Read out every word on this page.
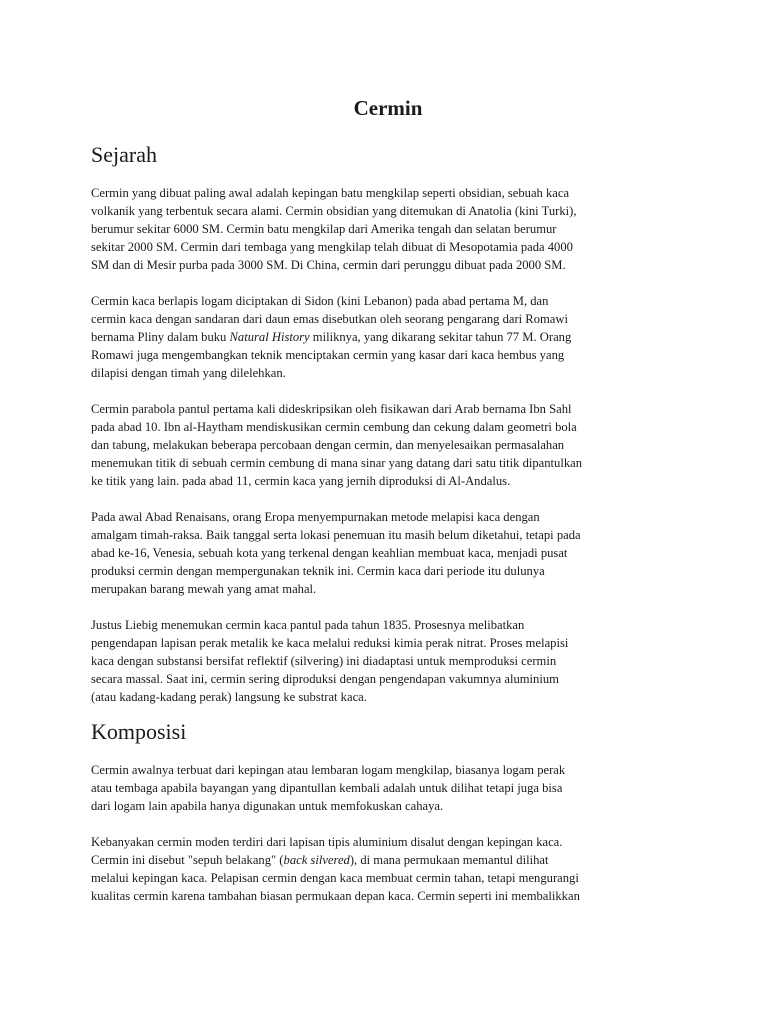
Cermin
Sejarah

Cermin yang dibuat paling awal adalah kepingan batu mengkilap seperti obsidian, sebuah kaca
volkanik yang terbentuk secara alami. Cermin obsidian yang ditemukan di Anatolia (kini Turki),
berumur sekitar 6000 SM. Cermin batu mengkilap dari Amerika tengah dan selatan berumur
sekitar 2000 SM. Cermin dari tembaga yang mengkilap telah dibuat di Mesopotamia pada 4000
SM dan di Mesir purba pada 3000 SM. Di China, cermin dari perunggu dibuat pada 2000 SM.

Cermin kaca berlapis logam diciptakan di Sidon (kini Lebanon) pada abad pertama M, dan
cermin kaca dengan sandaran dari daun emas disebutkan oleh seorang pengarang dari Romawi
bernama Pliny dalam buku Natural History miliknya, yang dikarang sekitar tahun 77 M. Orang
Romawi juga mengembangkan teknik menciptakan cermin yang kasar dari kaca hembus yang
dilapisi dengan timah yang dilelehkan.

Cermin parabola pantul pertama kali dideskripsikan oleh fisikawan dari Arab bernama Ibn Sahl
pada abad 10. Ibn al-Haytham mendiskusikan cermin cembung dan cekung dalam geometri bola
dan tabung, melakukan beberapa percobaan dengan cermin, dan menyelesaikan permasalahan
menemukan titik di sebuah cermin cembung di mana sinar yang datang dari satu titik dipantulkan
ke titik yang lain. pada abad 11, cermin kaca yang jernih diproduksi di Al-Andalus.

Pada awal Abad Renaisans, orang Eropa menyempurnakan metode melapisi kaca dengan
amalgam timah-raksa. Baik tanggal serta lokasi penemuan itu masih belum diketahui, tetapi pada
abad ke-16, Venesia, sebuah kota yang terkenal dengan keahlian membuat kaca, menjadi pusat
produksi cermin dengan mempergunakan teknik ini. Cermin kaca dari periode itu dulunya
merupakan barang mewah yang amat mahal.

Justus Liebig menemukan cermin kaca pantul pada tahun 1835. Prosesnya melibatkan
pengendapan lapisan perak metalik ke kaca melalui reduksi kimia perak nitrat. Proses melapisi
kaca dengan substansi bersifat reflektif (silvering) ini diadaptasi untuk memproduksi cermin
secara massal. Saat ini, cermin sering diproduksi dengan pengendapan vakumnya aluminium
(atau kadang-kadang perak) langsung ke substrat kaca.

Komposisi

Cermin awalnya terbuat dari kepingan atau lembaran logam mengkilap, biasanya logam perak
atau tembaga apabila bayangan yang dipantullan kembali adalah untuk dilihat tetapi juga bisa
dari logam lain apabila hanya digunakan untuk memfokuskan cahaya.

Kebanyakan cermin moden terdiri dari lapisan tipis aluminium disalut dengan kepingan kaca.
Cermin ini disebut "sepuh belakang" (back silvered), di mana permukaan memantul dilihat
melalui kepingan kaca. Pelapisan cermin dengan kaca membuat cermin tahan, tetapi mengurangi
kualitas cermin karena tambahan biasan permukaan depan kaca. Cermin seperti ini membalikkan
